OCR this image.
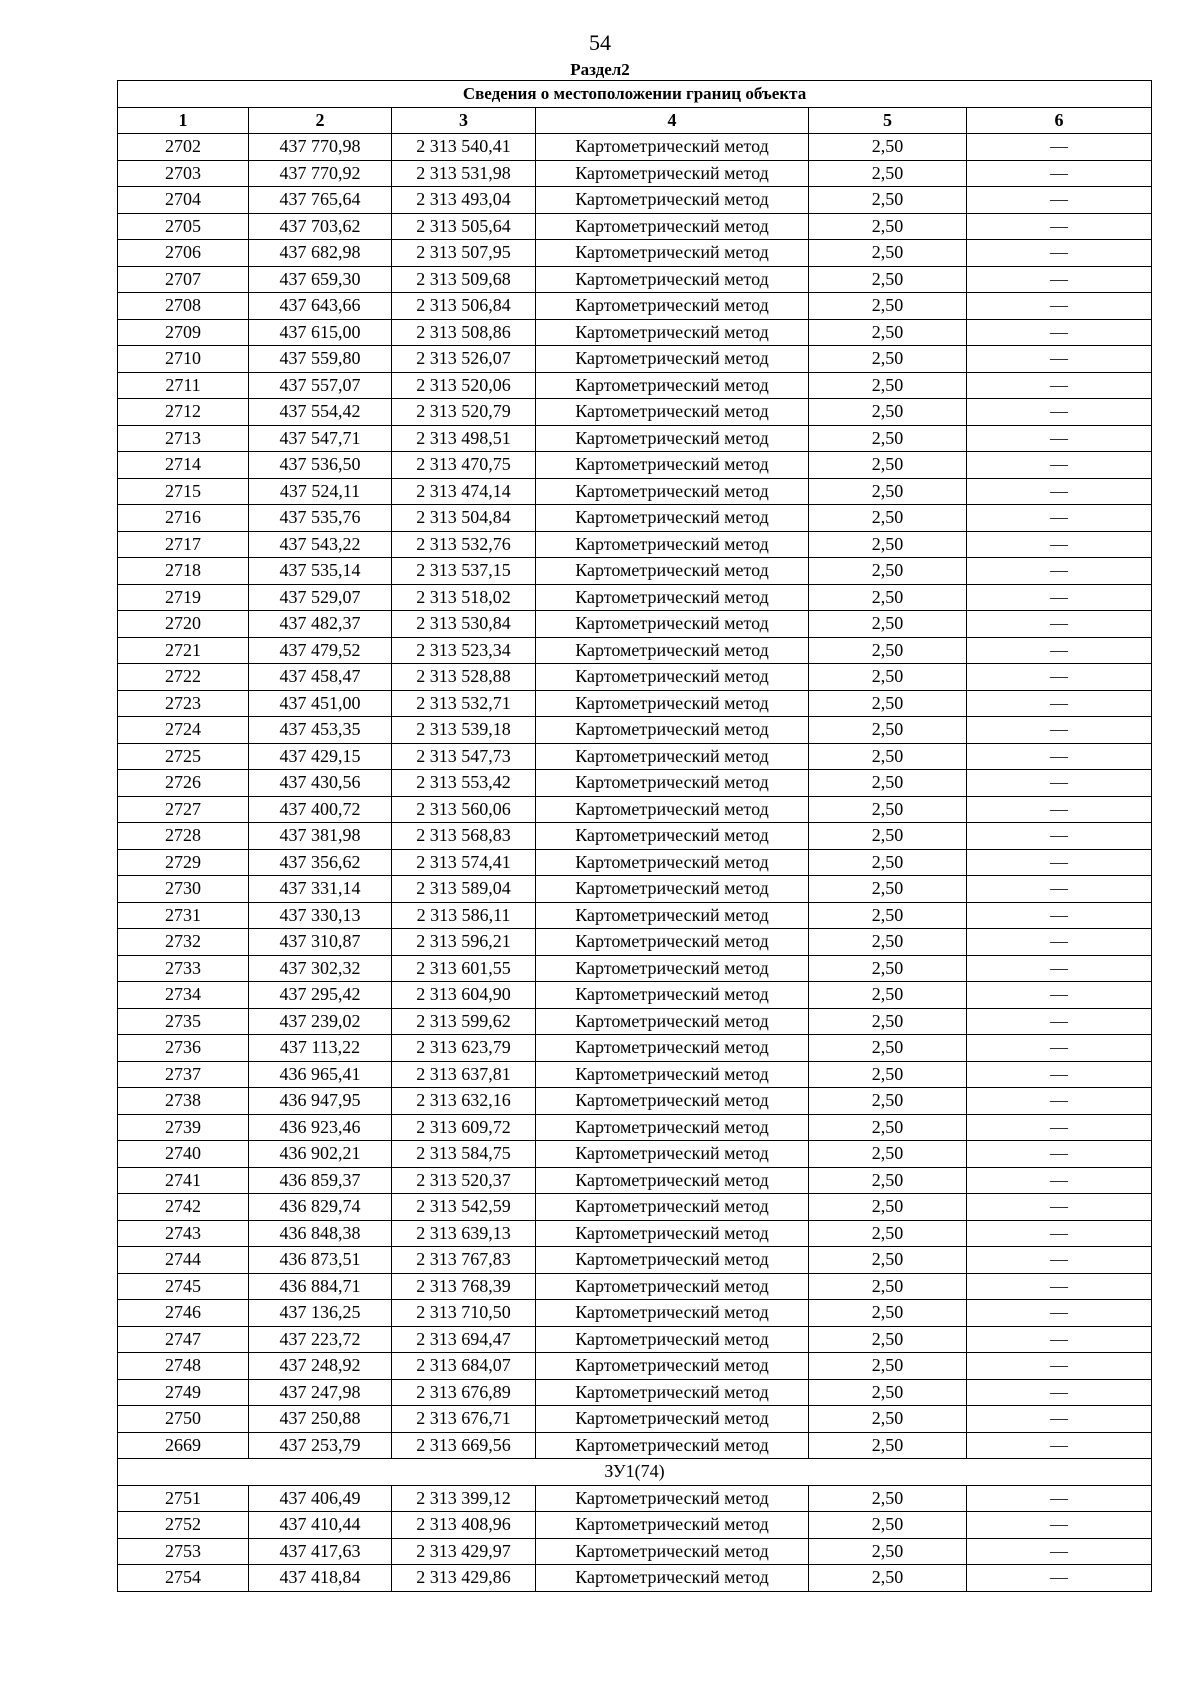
54
Раздел2
Сведения о местоположении границ объекта					
1	2	3	4	5	6
2702	437 770,98	2 313 540,41	Картометрический метод	2,50	—
2703	437 770,92	2 313 531,98	Картометрический метод	2,50	—
2704	437 765,64	2 313 493,04	Картометрический метод	2,50	—
2705	437 703,62	2 313 505,64	Картометрический метод	2,50	—
2706	437 682,98	2 313 507,95	Картометрический метод	2,50	—
2707	437 659,30	2 313 509,68	Картометрический метод	2,50	—
2708	437 643,66	2 313 506,84	Картометрический метод	2,50	—
2709	437 615,00	2 313 508,86	Картометрический метод	2,50	—
2710	437 559,80	2 313 526,07	Картометрический метод	2,50	—
2711	437 557,07	2 313 520,06	Картометрический метод	2,50	—
2712	437 554,42	2 313 520,79	Картометрический метод	2,50	—
2713	437 547,71	2 313 498,51	Картометрический метод	2,50	—
2714	437 536,50	2 313 470,75	Картометрический метод	2,50	—
2715	437 524,11	2 313 474,14	Картометрический метод	2,50	—
2716	437 535,76	2 313 504,84	Картометрический метод	2,50	—
2717	437 543,22	2 313 532,76	Картометрический метод	2,50	—
2718	437 535,14	2 313 537,15	Картометрический метод	2,50	—
2719	437 529,07	2 313 518,02	Картометрический метод	2,50	—
2720	437 482,37	2 313 530,84	Картометрический метод	2,50	—
2721	437 479,52	2 313 523,34	Картометрический метод	2,50	—
2722	437 458,47	2 313 528,88	Картометрический метод	2,50	—
2723	437 451,00	2 313 532,71	Картометрический метод	2,50	—
2724	437 453,35	2 313 539,18	Картометрический метод	2,50	—
2725	437 429,15	2 313 547,73	Картометрический метод	2,50	—
2726	437 430,56	2 313 553,42	Картометрический метод	2,50	—
2727	437 400,72	2 313 560,06	Картометрический метод	2,50	—
2728	437 381,98	2 313 568,83	Картометрический метод	2,50	—
2729	437 356,62	2 313 574,41	Картометрический метод	2,50	—
2730	437 331,14	2 313 589,04	Картометрический метод	2,50	—
2731	437 330,13	2 313 586,11	Картометрический метод	2,50	—
2732	437 310,87	2 313 596,21	Картометрический метод	2,50	—
2733	437 302,32	2 313 601,55	Картометрический метод	2,50	—
2734	437 295,42	2 313 604,90	Картометрический метод	2,50	—
2735	437 239,02	2 313 599,62	Картометрический метод	2,50	—
2736	437 113,22	2 313 623,79	Картометрический метод	2,50	—
2737	436 965,41	2 313 637,81	Картометрический метод	2,50	—
2738	436 947,95	2 313 632,16	Картометрический метод	2,50	—
2739	436 923,46	2 313 609,72	Картометрический метод	2,50	—
2740	436 902,21	2 313 584,75	Картометрический метод	2,50	—
2741	436 859,37	2 313 520,37	Картометрический метод	2,50	—
2742	436 829,74	2 313 542,59	Картометрический метод	2,50	—
2743	436 848,38	2 313 639,13	Картометрический метод	2,50	—
2744	436 873,51	2 313 767,83	Картометрический метод	2,50	—
2745	436 884,71	2 313 768,39	Картометрический метод	2,50	—
2746	437 136,25	2 313 710,50	Картометрический метод	2,50	—
2747	437 223,72	2 313 694,47	Картометрический метод	2,50	—
2748	437 248,92	2 313 684,07	Картометрический метод	2,50	—
2749	437 247,98	2 313 676,89	Картометрический метод	2,50	—
2750	437 250,88	2 313 676,71	Картометрический метод	2,50	—
2669	437 253,79	2 313 669,56	Картометрический метод	2,50	—
ЗУ1(74)					
2751	437 406,49	2 313 399,12	Картометрический метод	2,50	—
2752	437 410,44	2 313 408,96	Картометрический метод	2,50	—
2753	437 417,63	2 313 429,97	Картометрический метод	2,50	—
2754	437 418,84	2 313 429,86	Картометрический метод	2,50	—
